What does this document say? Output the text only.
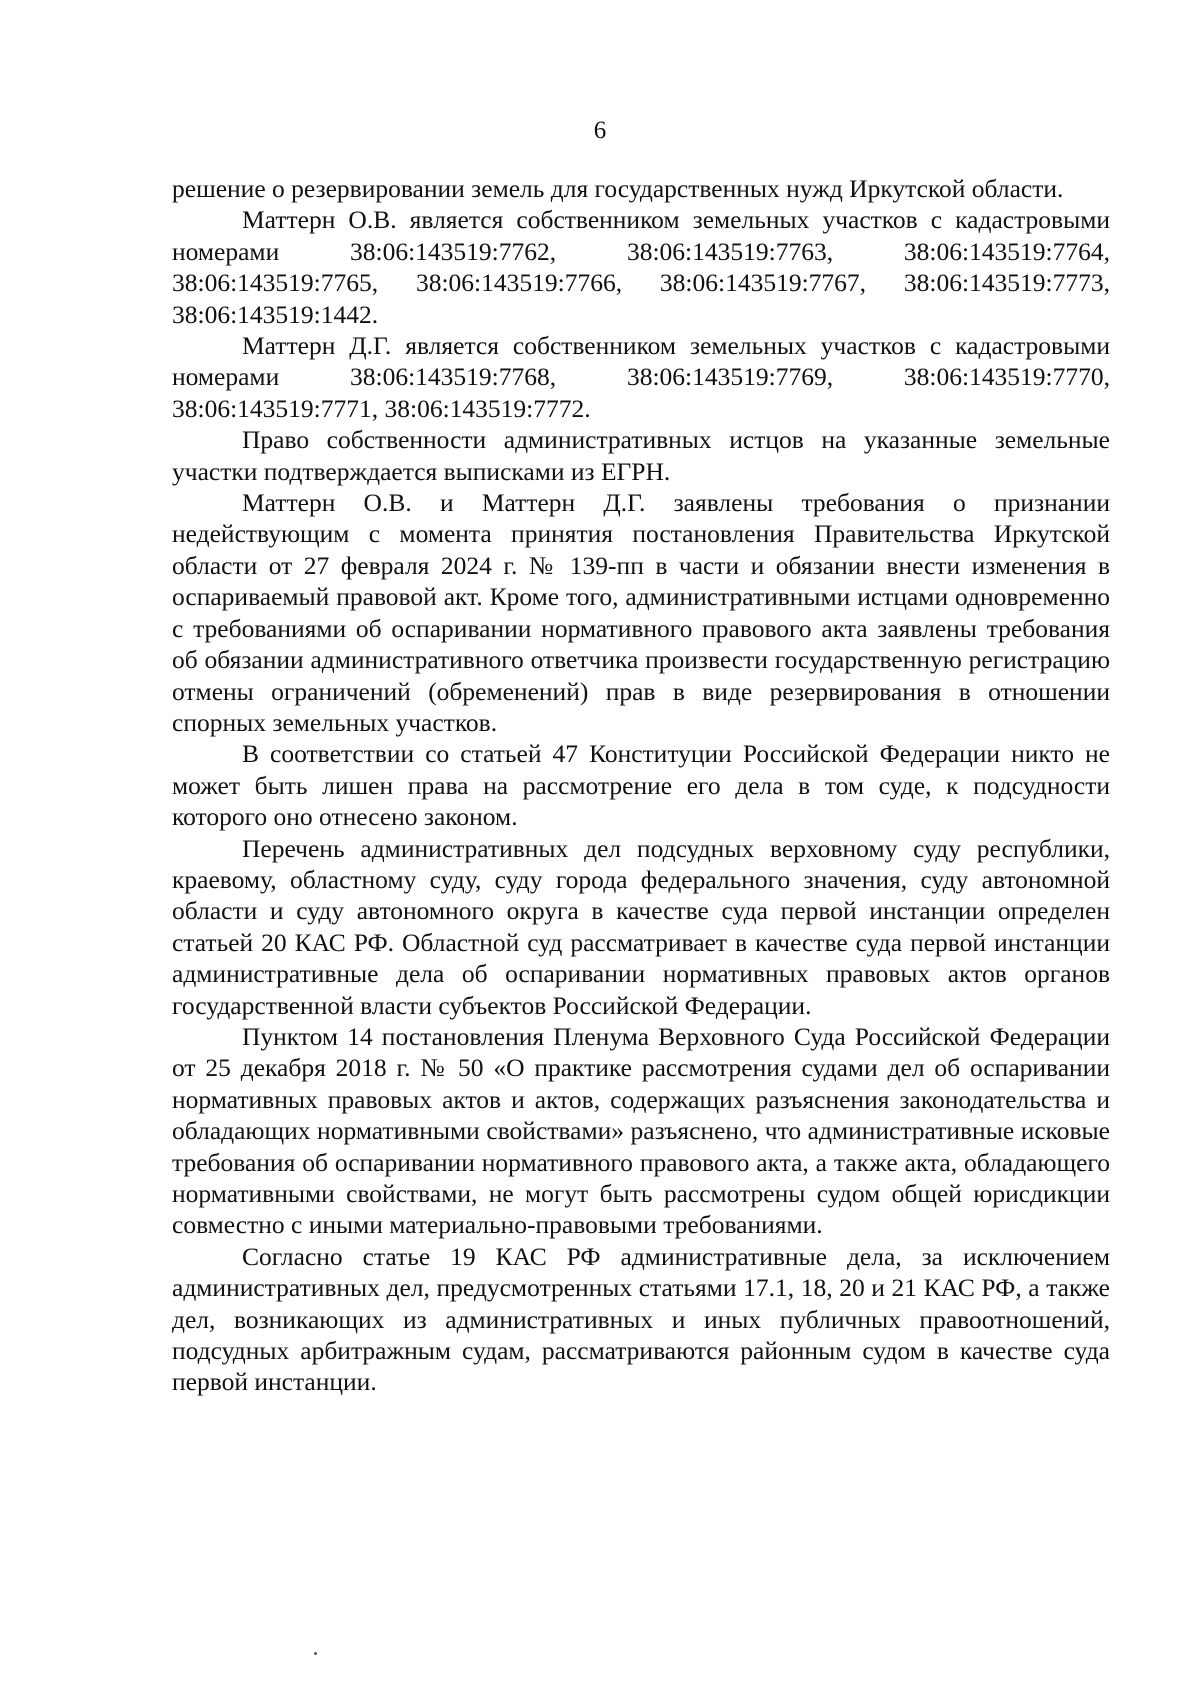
6

решение о резервировании земель для государственных нужд Иркутской области.

Маттерн О.В. является собственником земельных участков с кадастровыми номерами 38:06:143519:7762, 38:06:143519:7763, 38:06:143519:7764, 38:06:143519:7765, 38:06:143519:7766, 38:06:143519:7767, 38:06:143519:7773, 38:06:143519:1442.

Маттерн Д.Г. является собственником земельных участков с кадастровыми номерами 38:06:143519:7768, 38:06:143519:7769, 38:06:143519:7770, 38:06:143519:7771, 38:06:143519:7772.

Право собственности административных истцов на указанные земельные участки подтверждается выписками из ЕГРН.

Маттерн О.В. и Маттерн Д.Г. заявлены требования о признании недействующим с момента принятия постановления Правительства Иркутской области от 27 февраля 2024 г. № 139-пп в части и обязании внести изменения в оспариваемый правовой акт. Кроме того, административными истцами одновременно с требованиями об оспаривании нормативного правового акта заявлены требования об обязании административного ответчика произвести государственную регистрацию отмены ограничений (обременений) прав в виде резервирования в отношении спорных земельных участков.

В соответствии со статьей 47 Конституции Российской Федерации никто не может быть лишен права на рассмотрение его дела в том суде, к подсудности которого оно отнесено законом.

Перечень административных дел подсудных верховному суду республики, краевому, областному суду, суду города федерального значения, суду автономной области и суду автономного округа в качестве суда первой инстанции определен статьей 20 КАС РФ. Областной суд рассматривает в качестве суда первой инстанции административные дела об оспаривании нормативных правовых актов органов государственной власти субъектов Российской Федерации.

Пунктом 14 постановления Пленума Верховного Суда Российской Федерации от 25 декабря 2018 г. № 50 «О практике рассмотрения судами дел об оспаривании нормативных правовых актов и актов, содержащих разъяснения законодательства и обладающих нормативными свойствами» разъяснено, что административные исковые требования об оспаривании нормативного правового акта, а также акта, обладающего нормативными свойствами, не могут быть рассмотрены судом общей юрисдикции совместно с иными материально-правовыми требованиями.

Согласно статье 19 КАС РФ административные дела, за исключением административных дел, предусмотренных статьями 17.1, 18, 20 и 21 КАС РФ, а также дел, возникающих из административных и иных публичных правоотношений, подсудных арбитражным судам, рассматриваются районным судом в качестве суда первой инстанции.
